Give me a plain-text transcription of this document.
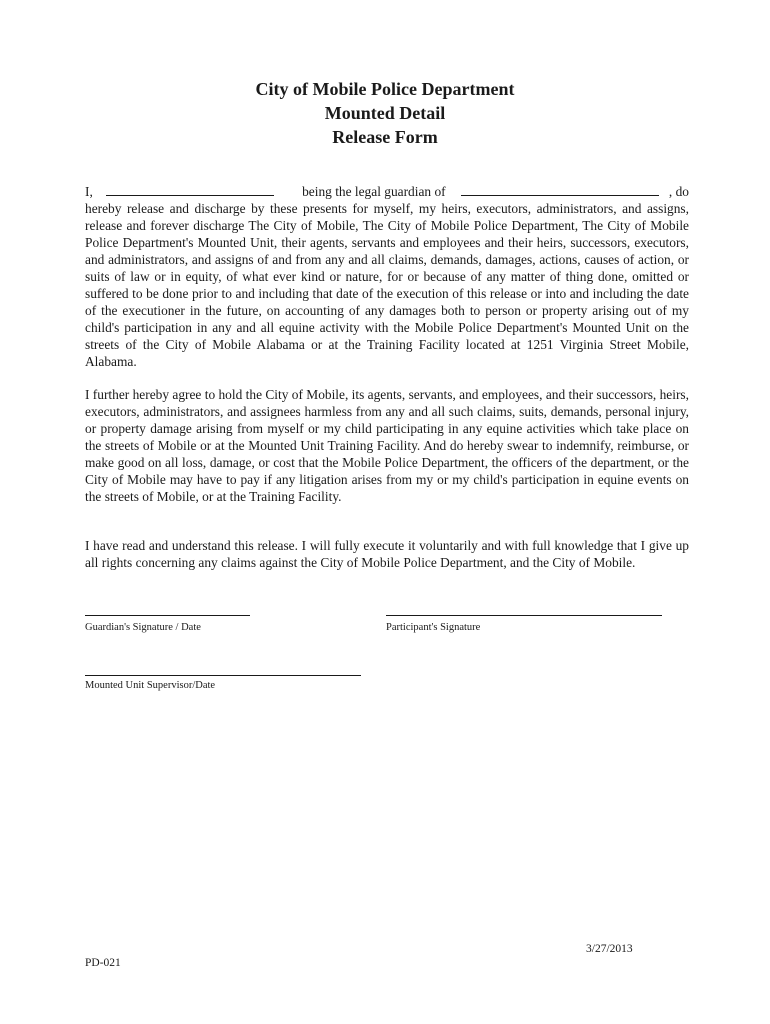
City of Mobile Police Department
Mounted Detail
Release Form
I,	being the legal guardian of	, do
hereby release and discharge by these presents for myself, my heirs, executors, administrators, and assigns, release and forever discharge The City of Mobile, The City of Mobile Police Department, The City of Mobile Police Department's Mounted Unit, their agents, servants and employees and their heirs, successors, executors, and administrators, and assigns of and from any and all claims, demands, damages, actions, causes of action, or suits of law or in equity, of what ever kind or nature, for or because of any matter of thing done, omitted or suffered to be done prior to and including that date of the execution of this release or into and including the date of the executioner in the future, on accounting of any damages both to person or property arising out of my child's participation in any and all equine activity with the Mobile Police Department's Mounted Unit on the streets of the City of Mobile Alabama or at the Training Facility located at 1251 Virginia Street Mobile, Alabama.
I further hereby agree to hold the City of Mobile, its agents, servants, and employees, and their successors, heirs, executors, administrators, and assignees harmless from any and all such claims, suits, demands, personal injury, or property damage arising from myself or my child participating in any equine activities which take place on the streets of Mobile or at the Mounted Unit Training Facility. And do hereby swear to indemnify, reimburse, or make good on all loss, damage, or cost that the Mobile Police Department, the officers of the department, or the City of Mobile may have to pay if any litigation arises from my or my child's participation in equine events on the streets of Mobile, or at the Training Facility.
I have read and understand this release. I will fully execute it voluntarily and with full knowledge that I give up all rights concerning any claims against the City of Mobile Police Department, and the City of Mobile.
Guardian's Signature / Date	Participant's Signature
Mounted Unit Supervisor/Date
3/27/2013
PD-021
